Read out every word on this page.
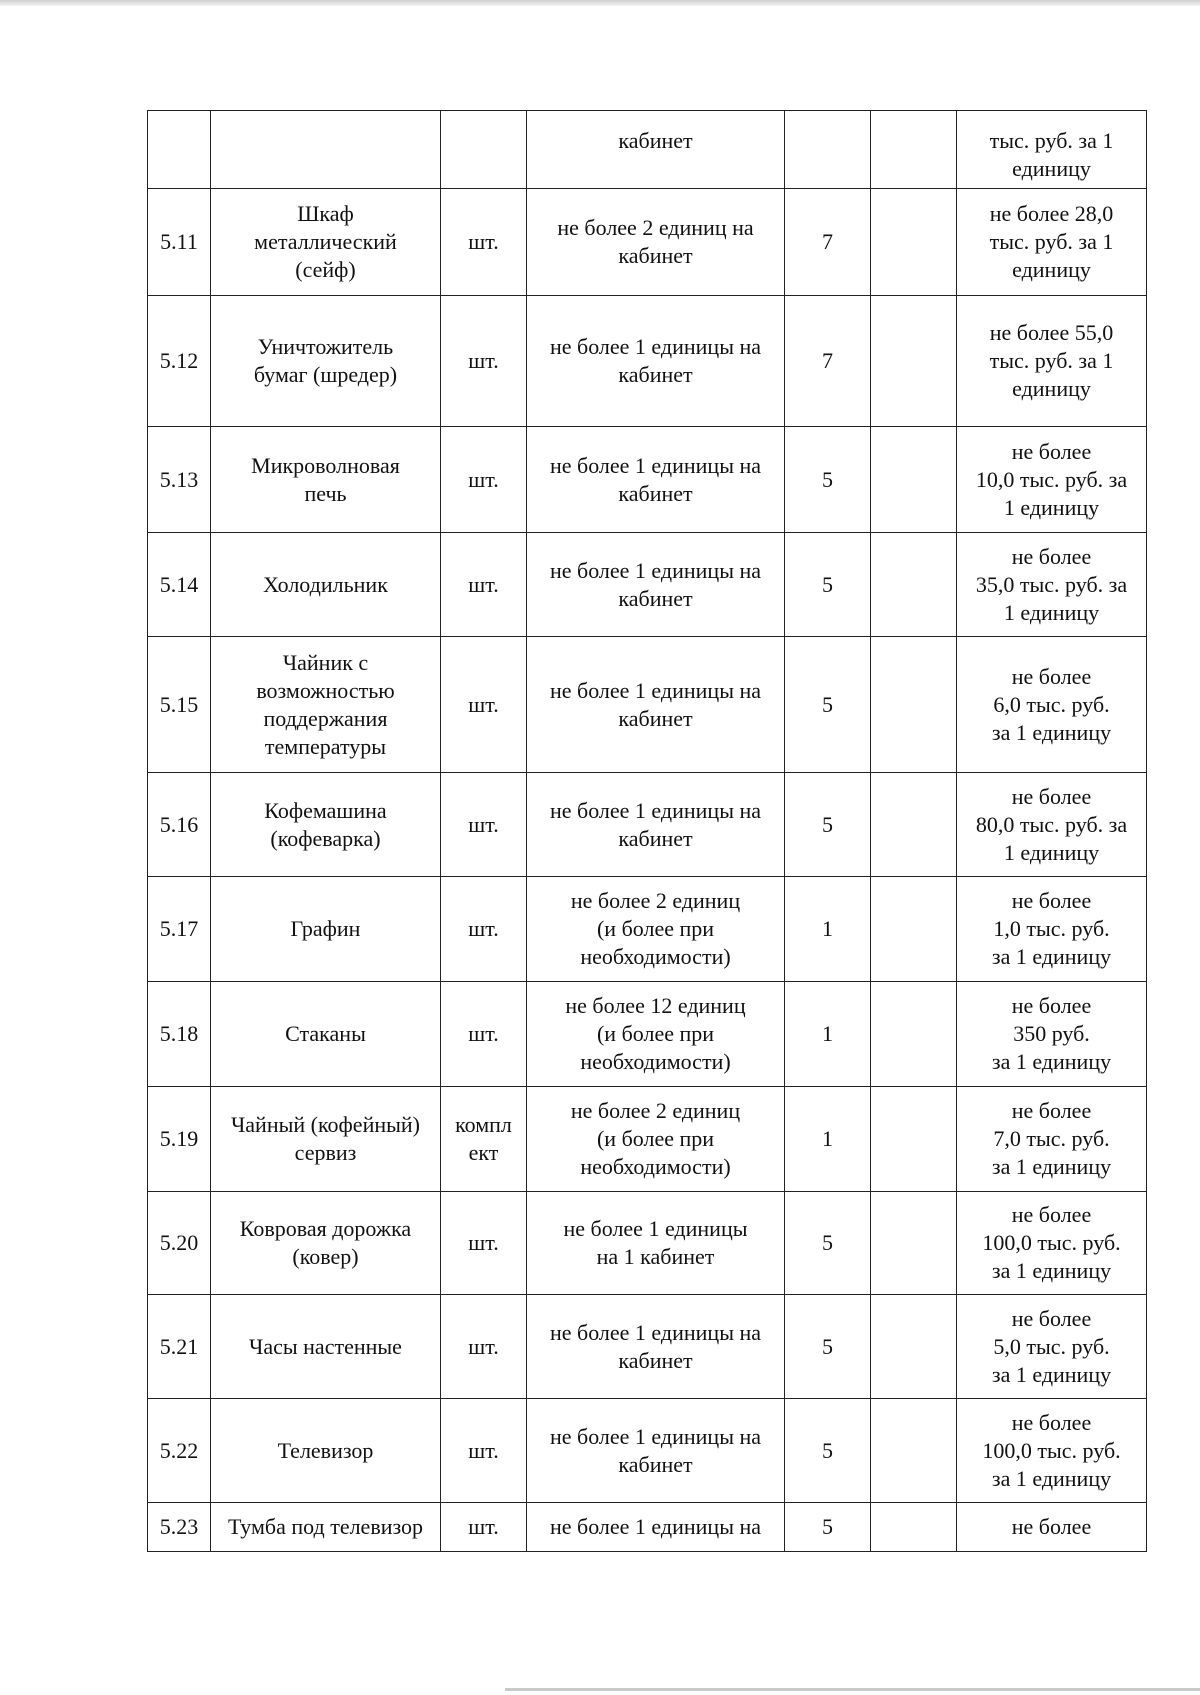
			кабинет			тыс. руб. за 1
единицу
5.11	Шкаф
металлический
(сейф)	шт.	не более 2 единиц на
кабинет	7		не более 28,0
тыс. руб. за 1
единицу
5.12	Уничтожитель
бумаг (шредер)	шт.	не более 1 единицы на
кабинет	7		не более 55,0
тыс. руб. за 1
единицу
5.13	Микроволновая
печь	шт.	не более 1 единицы на
кабинет	5		не более
10,0 тыс. руб. за
1 единицу
5.14	Холодильник	шт.	не более 1 единицы на
кабинет	5		не более
35,0 тыс. руб. за
1 единицу
5.15	Чайник с
возможностью
поддержания
температуры	шт.	не более 1 единицы на
кабинет	5		не более
6,0 тыс. руб.
за 1 единицу
5.16	Кофемашина
(кофеварка)	шт.	не более 1 единицы на
кабинет	5		не более
80,0 тыс. руб. за
1 единицу
5.17	Графин	шт.	не более 2 единиц
(и более при
необходимости)	1		не более
1,0 тыс. руб.
за 1 единицу
5.18	Стаканы	шт.	не более 12 единиц
(и более при
необходимости)	1		не более
350 руб.
за 1 единицу
5.19	Чайный (кофейный)
сервиз	компл
ект	не более 2 единиц
(и более при
необходимости)	1		не более
7,0 тыс. руб.
за 1 единицу
5.20	Ковровая дорожка
(ковер)	шт.	не более 1 единицы
на 1 кабинет	5		не более
100,0 тыс. руб.
за 1 единицу
5.21	Часы настенные	шт.	не более 1 единицы на
кабинет	5		не более
5,0 тыс. руб.
за 1 единицу
5.22	Телевизор	шт.	не более 1 единицы на
кабинет	5		не более
100,0 тыс. руб.
за 1 единицу
5.23	Тумба под телевизор	шт.	не более 1 единицы на	5		не более
